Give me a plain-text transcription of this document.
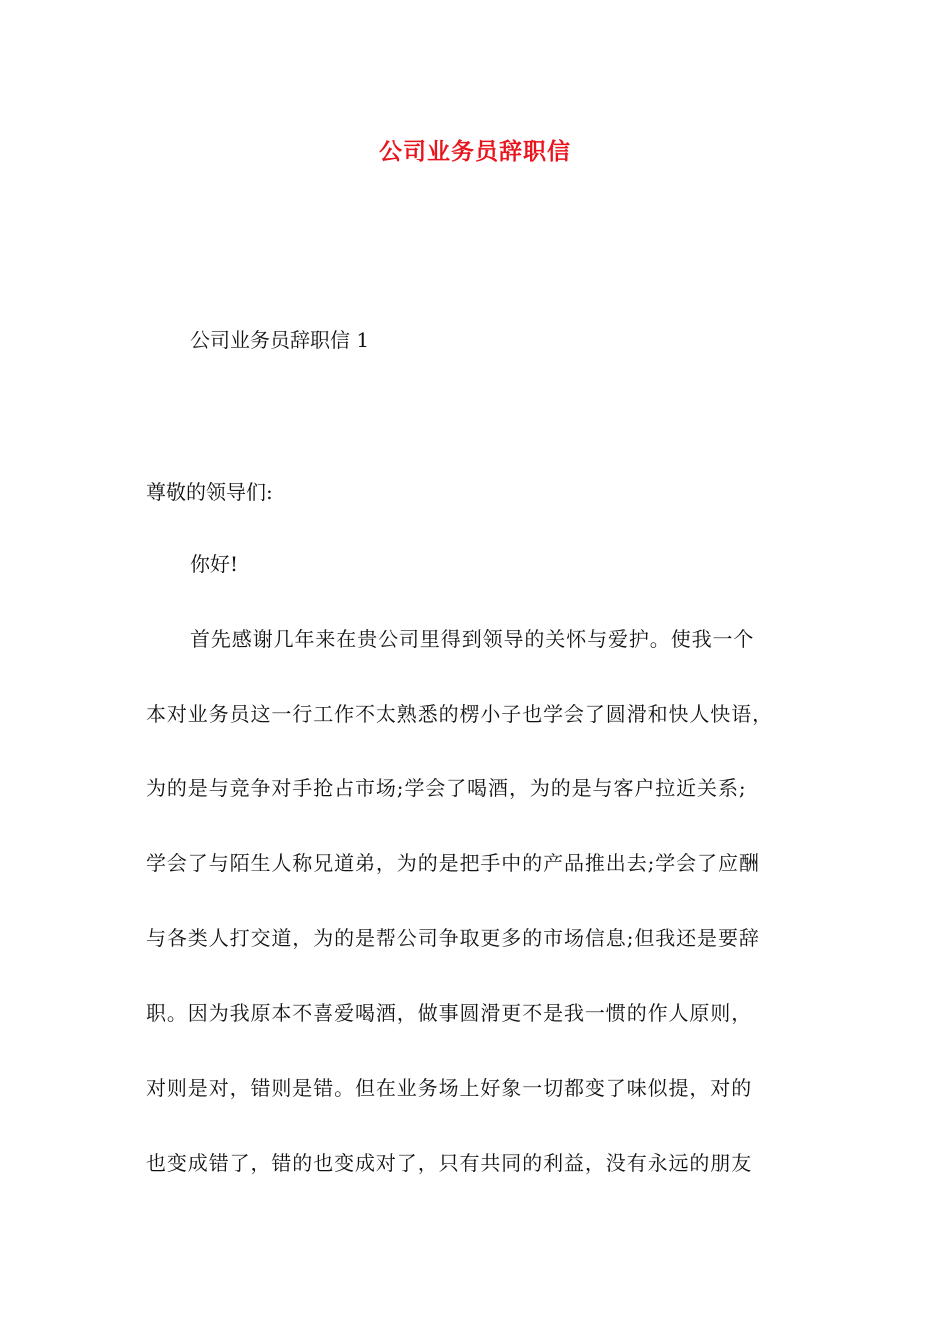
公司业务员辞职信
公司业务员辞职信 1
尊敬的领导们:
你好!
首先感谢几年来在贵公司里得到领导的关怀与爱护。使我一个
本对业务员这一行工作不太熟悉的楞小子也学会了圆滑和快人快语，
为的是与竞争对手抢占市场;学会了喝酒，为的是与客户拉近关系;
学会了与陌生人称兄道弟，为的是把手中的产品推出去;学会了应酬
与各类人打交道，为的是帮公司争取更多的市场信息;但我还是要辞
职。因为我原本不喜爱喝酒，做事圆滑更不是我一惯的作人原则，
对则是对，错则是错。但在业务场上好象一切都变了味似提，对的
也变成错了，错的也变成对了，只有共同的利益，没有永远的朋友
